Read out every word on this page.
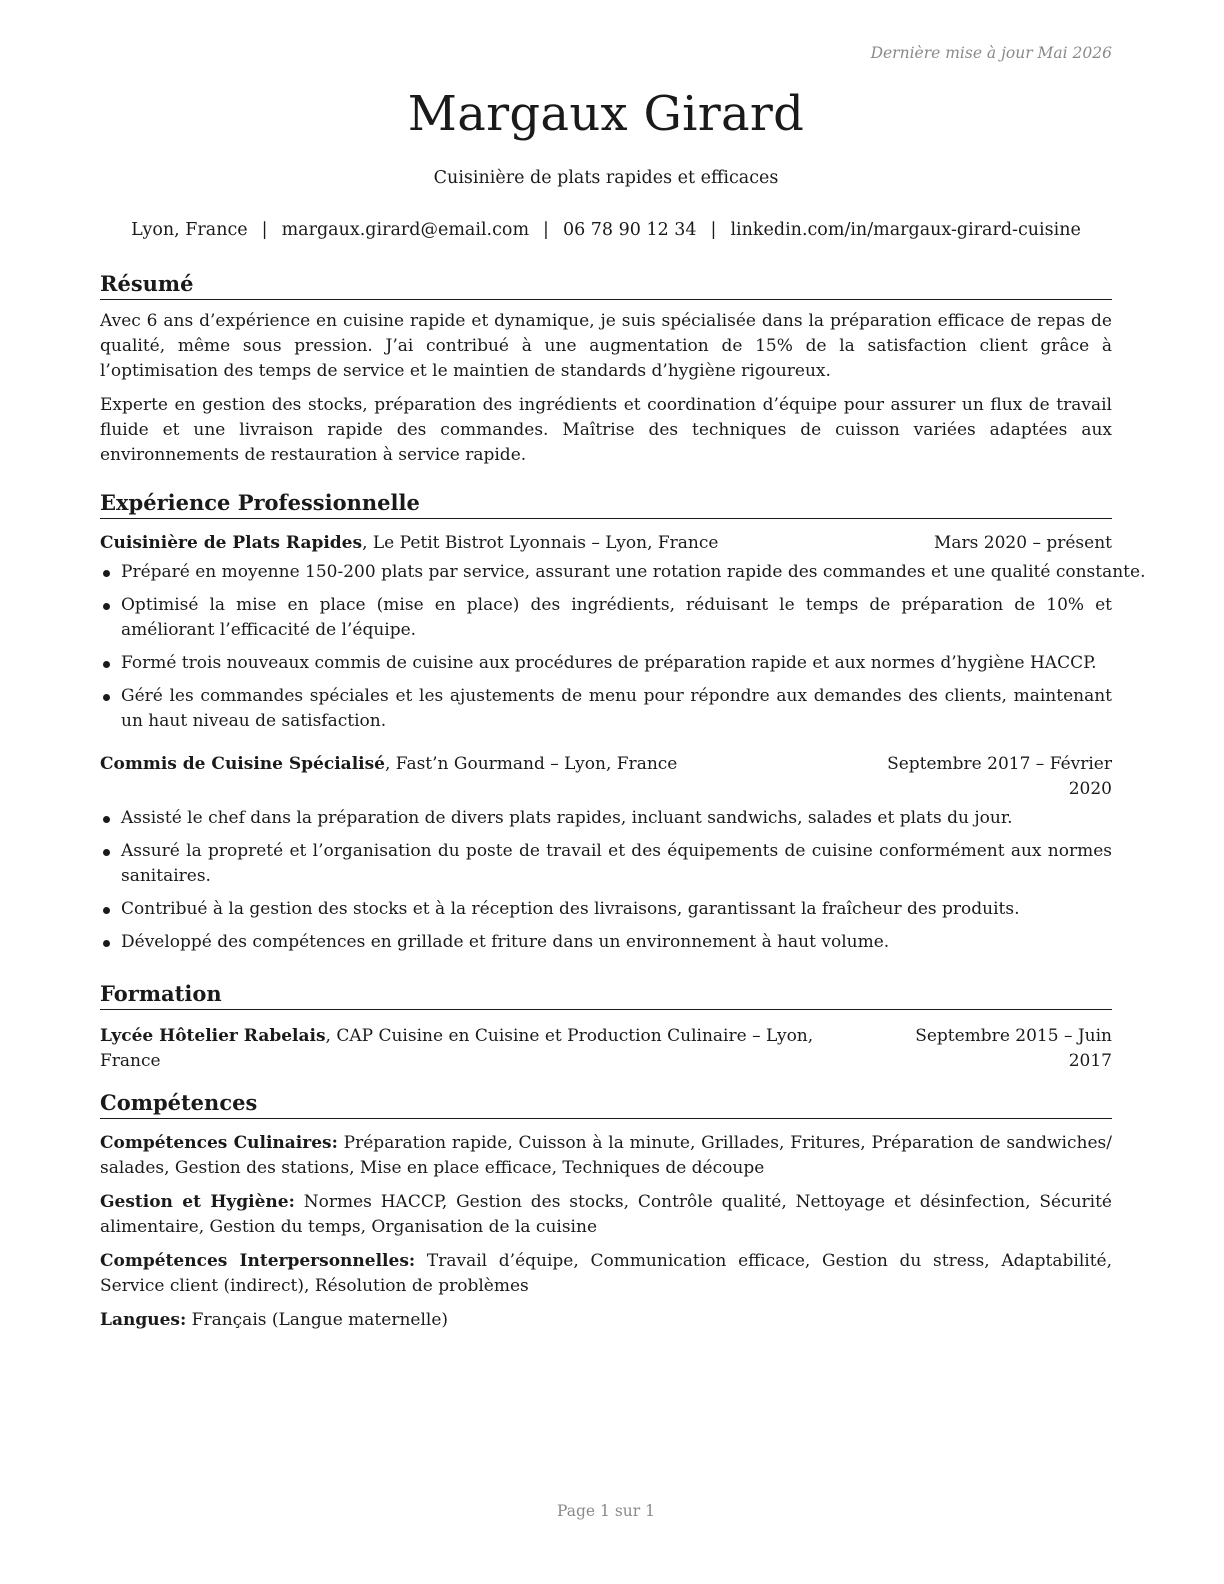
Dernière mise à jour Mai 2026
Margaux Girard
Cuisinière de plats rapides et efficaces
Lyon, France | margaux.girard@email.com | 06 78 90 12 34 | linkedin.com/in/margaux-girard-cuisine
Résumé

Avec 6 ans d’expérience en cuisine rapide et dynamique, je suis spécialisée dans la préparation efficace de repas de qualité, même sous pression. J’ai contribué à une augmentation de 15% de la satisfaction client grâce à l’optimisation des temps de service et le maintien de standards d’hygiène rigoureux.

Experte en gestion des stocks, préparation des ingrédients et coordination d’équipe pour assurer un flux de travail fluide et une livraison rapide des commandes. Maîtrise des techniques de cuisson variées adaptées aux environnements de restauration à service rapide.

Expérience Professionnelle
Cuisinière de Plats Rapides, Le Petit Bistrot Lyonnais – Lyon, France	Mars 2020 – présent
Préparé en moyenne 150-200 plats par service, assurant une rotation rapide des commandes et une qualité constante.
Optimisé la mise en place (mise en place) des ingrédients, réduisant le temps de préparation de 10% et améliorant l’efficacité de l’équipe.
Formé trois nouveaux commis de cuisine aux procédures de préparation rapide et aux normes d’hygiène HACCP.
Géré les commandes spéciales et les ajustements de menu pour répondre aux demandes des clients, maintenant un haut niveau de satisfaction.
Commis de Cuisine Spécialisé, Fast’n Gourmand – Lyon, France	Septembre 2017 – Février 2020
Assisté le chef dans la préparation de divers plats rapides, incluant sandwichs, salades et plats du jour.
Assuré la propreté et l’organisation du poste de travail et des équipements de cuisine conformément aux normes sanitaires.
Contribué à la gestion des stocks et à la réception des livraisons, garantissant la fraîcheur des produits.
Développé des compétences en grillade et friture dans un environnement à haut volume.
Formation
Lycée Hôtelier Rabelais, CAP Cuisine en Cuisine et Production Culinaire – Lyon, France
Septembre 2015 – Juin 2017
Compétences

Compétences Culinaires: Préparation rapide, Cuisson à la minute, Grillades, Fritures, Préparation de sandwiches/ salades, Gestion des stations, Mise en place efficace, Techniques de découpe

Gestion et Hygiène: Normes HACCP, Gestion des stocks, Contrôle qualité, Nettoyage et désinfection, Sécurité alimentaire, Gestion du temps, Organisation de la cuisine

Compétences Interpersonnelles: Travail d’équipe, Communication efficace, Gestion du stress, Adaptabilité, Service client (indirect), Résolution de problèmes

Langues: Français (Langue maternelle)

Page 1 sur 1
